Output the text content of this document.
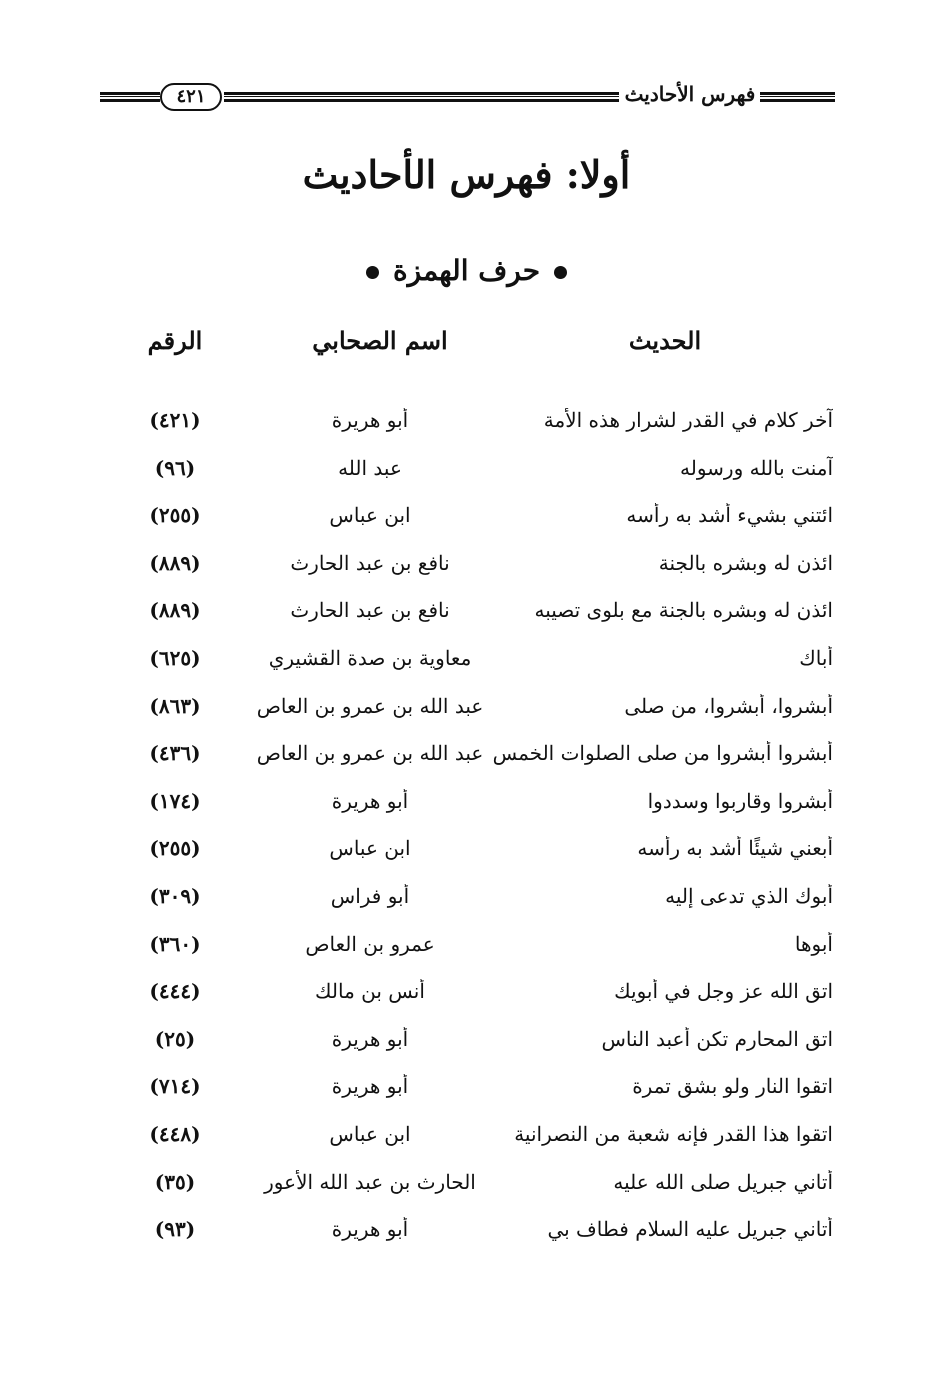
٤٢١	فهرس الأحاديث
أولا: فهرس الأحاديث
حرف الهمزة
الحديث
اسم الصحابي
الرقم
آخر كلام في القدر لشرار هذه الأمة
أبو هريرة
(٤٢١)
آمنت بالله ورسوله
عبد الله
(٩٦)
ائتني بشيء أشد به رأسه
ابن عباس
(٢٥٥)
ائذن له وبشره بالجنة
نافع بن عبد الحارث
(٨٨٩)
ائذن له وبشره بالجنة مع بلوى تصيبه
نافع بن عبد الحارث
(٨٨٩)
أباك
معاوية بن صدة القشيري
(٦٢٥)
أبشروا، أبشروا، من صلى
عبد الله بن عمرو بن العاص
(٨٦٣)
أبشروا أبشروا من صلى الصلوات الخمس
عبد الله بن عمرو بن العاص
(٤٣٦)
أبشروا وقاربوا وسددوا
أبو هريرة
(١٧٤)
أبعني شيئًا أشد به رأسه
ابن عباس
(٢٥٥)
أبوك الذي تدعى إليه
أبو فراس
(٣٠٩)
أبوها
عمرو بن العاص
(٣٦٠)
اتق الله عز وجل في أبويك
أنس بن مالك
(٤٤٤)
اتق المحارم تكن أعبد الناس
أبو هريرة
(٢٥)
اتقوا النار ولو بشق تمرة
أبو هريرة
(٧١٤)
اتقوا هذا القدر فإنه شعبة من النصرانية
ابن عباس
(٤٤٨)
أتاني جبريل صلى الله عليه
الحارث بن عبد الله الأعور
(٣٥)
أتاني جبريل عليه السلام فطاف بي
أبو هريرة
(٩٣)
